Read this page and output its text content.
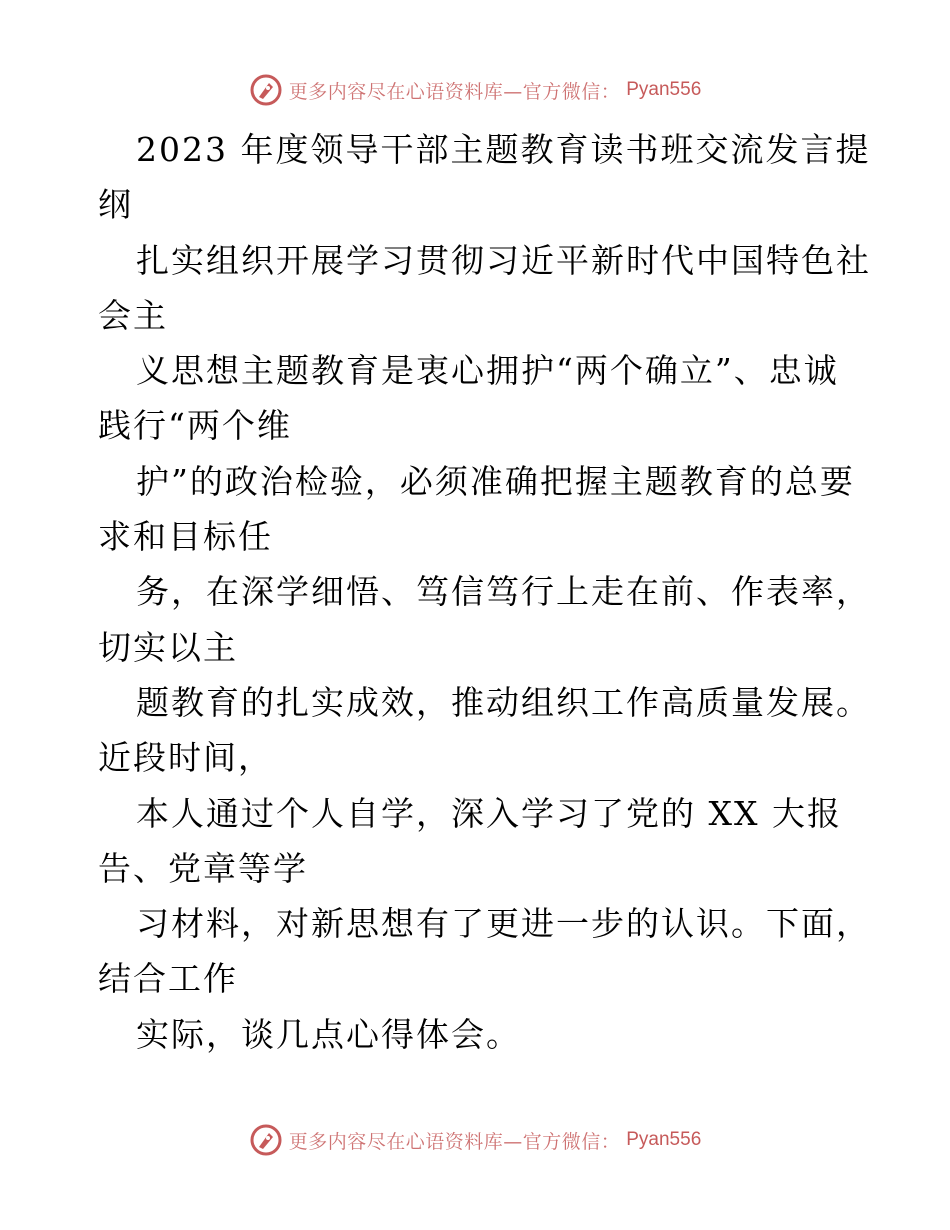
更多内容尽在心语资料库—官方微信： Pyan556
2023 年度领导干部主题教育读书班交流发言提
纲
扎实组织开展学习贯彻习近平新时代中国特色社
会主
义思想主题教育是衷心拥护“两个确立”、忠诚
践行“两个维
护”的政治检验，必须准确把握主题教育的总要
求和目标任
务，在深学细悟、笃信笃行上走在前、作表率，
切实以主
题教育的扎实成效，推动组织工作高质量发展。
近段时间，
本人通过个人自学，深入学习了党的 XX 大报
告、党章等学
习材料，对新思想有了更进一步的认识。下面，
结合工作
实际，谈几点心得体会。
更多内容尽在心语资料库—官方微信： Pyan556
